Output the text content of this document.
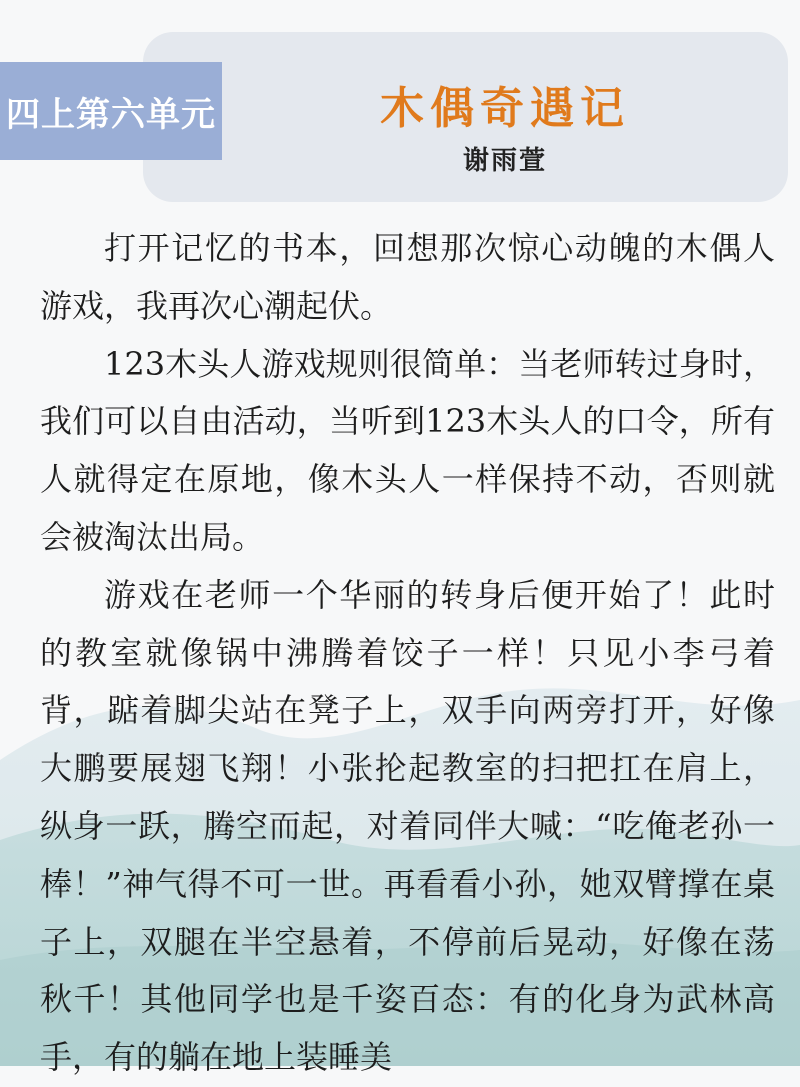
四上第六单元	木偶奇遇记
谢雨萱

打开记忆的书本，回想那次惊心动魄的木偶人游戏，我再次心潮起伏。

123木头人游戏规则很简单：当老师转过身时，我们可以自由活动，当听到123木头人的口令，所有人就得定在原地，像木头人一样保持不动，否则就会被淘汰出局。

游戏在老师一个华丽的转身后便开始了！此时的教室就像锅中沸腾着饺子一样！只见小李弓着背，踮着脚尖站在凳子上，双手向两旁打开，好像大鹏要展翅飞翔！小张抡起教室的扫把扛在肩上，纵身一跃，腾空而起，对着同伴大喊：“吃俺老孙一棒！”神气得不可一世。再看看小孙，她双臂撑在桌子上，双腿在半空悬着，不停前后晃动，好像在荡秋千！其他同学也是千姿百态：有的化身为武林高手，有的躺在地上装睡美
